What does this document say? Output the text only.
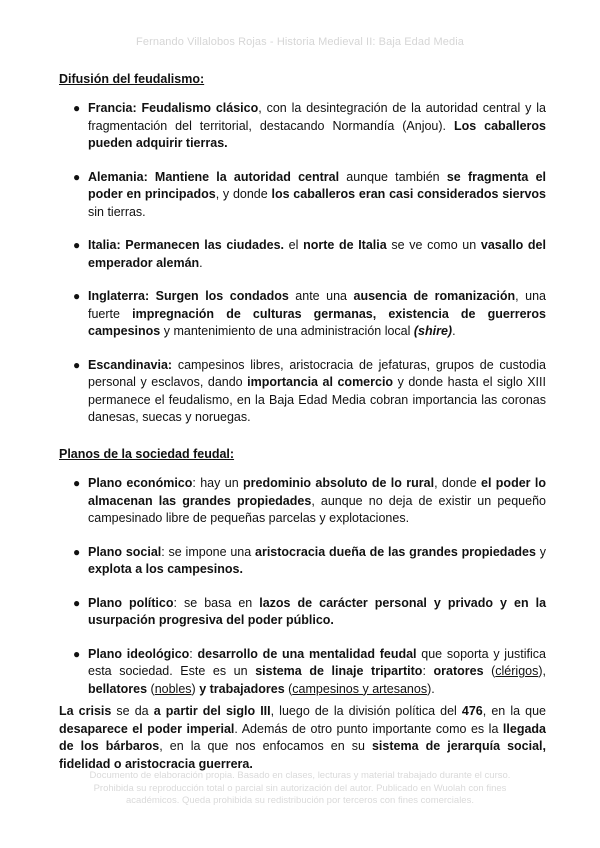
Fernando Villalobos Rojas - Historia Medieval II: Baja Edad Media
Difusión del feudalismo:
● Francia: Feudalismo clásico, con la desintegración de la autoridad central y la fragmentación del territorial, destacando Normandía (Anjou). Los caballeros pueden adquirir tierras.
● Alemania: Mantiene la autoridad central aunque también se fragmenta el poder en principados, y donde los caballeros eran casi considerados siervos sin tierras.
● Italia: Permanecen las ciudades. el norte de Italia se ve como un vasallo del emperador alemán.
● Inglaterra: Surgen los condados ante una ausencia de romanización, una fuerte impregnación de culturas germanas, existencia de guerreros campesinos y mantenimiento de una administración local (shire).
● Escandinavia: campesinos libres, aristocracia de jefaturas, grupos de custodia personal y esclavos, dando importancia al comercio y donde hasta el siglo XIII permanece el feudalismo, en la Baja Edad Media cobran importancia las coronas danesas, suecas y noruegas.
Planos de la sociedad feudal:
● Plano económico: hay un predominio absoluto de lo rural, donde el poder lo almacenan las grandes propiedades, aunque no deja de existir un pequeño campesinado libre de pequeñas parcelas y explotaciones.
● Plano social: se impone una aristocracia dueña de las grandes propiedades y explota a los campesinos.
● Plano político: se basa en lazos de carácter personal y privado y en la usurpación progresiva del poder público.
● Plano ideológico: desarrollo de una mentalidad feudal que soporta y justifica esta sociedad. Este es un sistema de linaje tripartito: oratores (clérigos), bellatores (nobles) y trabajadores (campesinos y artesanos).
La crisis se da a partir del siglo III, luego de la división política del 476, en la que desaparece el poder imperial. Además de otro punto importante como es la llegada de los bárbaros, en la que nos enfocamos en su sistema de jerarquía social, fidelidad o aristocracia guerrera.
Documento de elaboración propia. Basado en clases, lecturas y material trabajado durante el curso. Prohibida su reproducción total o parcial sin autorización del autor. Publicado en Wuolah con fines académicos. Queda prohibida su redistribución por terceros con fines comerciales.
